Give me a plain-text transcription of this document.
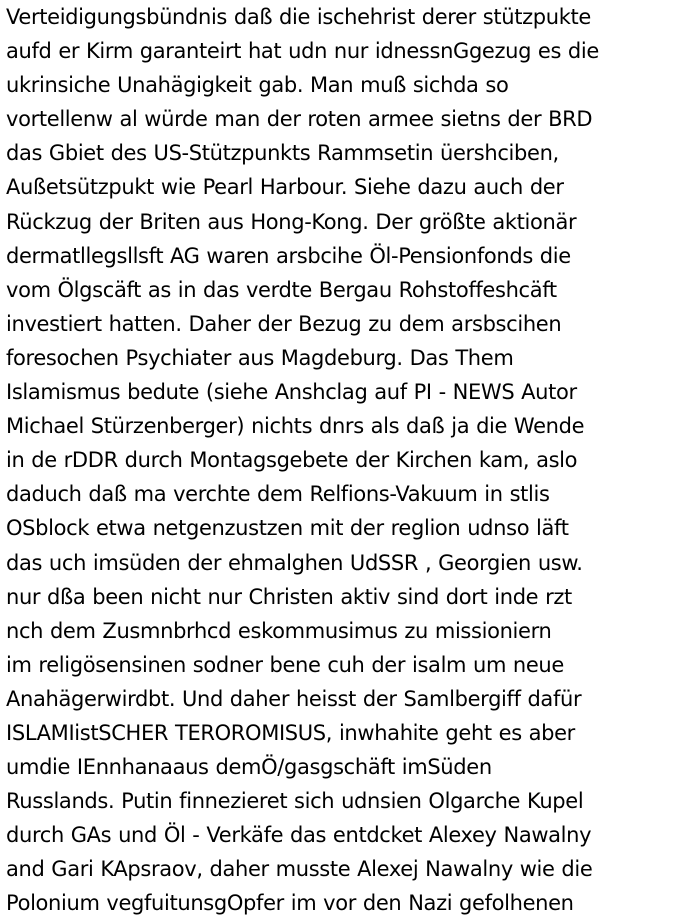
Verteidigungsbündnis daß die ischehrist derer stützpukte
aufd er Kirm garanteirt hat udn nur idnessnGgezug es die
ukrinsiche Unahägigkeit gab. Man muß sichda so
vortellenw al würde man der roten armee sietns der BRD
das Gbiet des US-Stützpunkts Rammsetin üershciben,
Außetsützpukt wie Pearl Harbour. Siehe dazu auch der
Rückzug der Briten aus Hong-Kong. Der größte aktionär
dermatllegsllsft AG waren arsbcihe Öl-Pensionfonds die
vom Ölgscäft as in das verdte Bergau Rohstoffeshcäft
investiert hatten. Daher der Bezug zu dem arsbscihen
foresochen Psychiater aus Magdeburg. Das Them
Islamismus bedute (siehe Anshclag auf PI - NEWS Autor
Michael Stürzenberger) nichts dnrs als daß ja die Wende
in de rDDR durch Montagsgebete der Kirchen kam, aslo
daduch daß ma verchte dem Relfions-Vakuum in stlis
OSblock etwa netgenzustzen mit der reglion udnso läft
das uch imsüden der ehmalghen UdSSR , Georgien usw.
nur dßa been nicht nur Christen aktiv sind dort inde rzt
nch dem Zusmnbrhcd eskommusimus zu missioniern
im religösensinen sodner bene cuh der isalm um neue
Anahägerwirdbt. Und daher heisst der Samlbergiff dafür
ISLAMIistSCHER TEROROMISUS, inwhahite geht es aber
umdie IEnnhanaaus demÖ/gasgschäft imSüden
Russlands. Putin finnezieret sich udnsien Olgarche Kupel
durch GAs und Öl - Verkäfe das entdcket Alexey Nawalny
and Gari KApsraov, daher musste Alexej Nawalny wie die
Polonium vegfuitunsgOpfer im vor den Nazi gefolhenen
